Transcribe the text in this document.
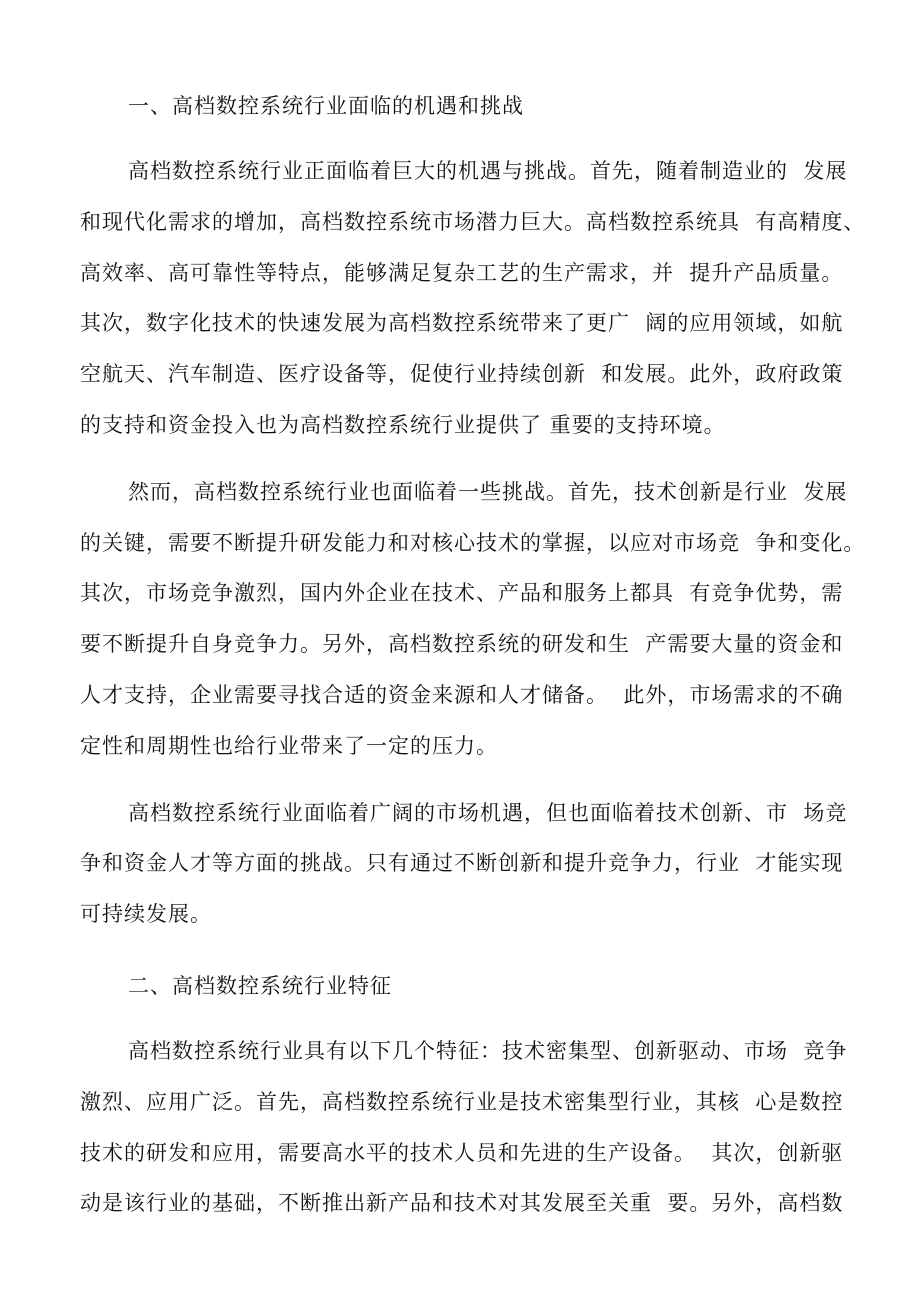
一、高档数控系统行业面临的机遇和挑战

高档数控系统行业正面临着巨大的机遇与挑战。首先，随着制造业的  发展
和现代化需求的增加，高档数控系统市场潜力巨大。高档数控系统具  有高精度、
高效率、高可靠性等特点，能够满足复杂工艺的生产需求，并  提升产品质量。
其次，数字化技术的快速发展为高档数控系统带来了更广  阔的应用领域，如航
空航天、汽车制造、医疗设备等，促使行业持续创新  和发展。此外，政府政策
的支持和资金投入也为高档数控系统行业提供了 重要的支持环境。

然而，高档数控系统行业也面临着一些挑战。首先，技术创新是行业  发展
的关键，需要不断提升研发能力和对核心技术的掌握，以应对市场竞  争和变化。
其次，市场竞争激烈，国内外企业在技术、产品和服务上都具  有竞争优势，需
要不断提升自身竞争力。另外，高档数控系统的研发和生  产需要大量的资金和
人才支持，企业需要寻找合适的资金来源和人才储备。  此外，市场需求的不确
定性和周期性也给行业带来了一定的压力。

高档数控系统行业面临着广阔的市场机遇，但也面临着技术创新、市  场竞
争和资金人才等方面的挑战。只有通过不断创新和提升竞争力，行业  才能实现
可持续发展。

二、高档数控系统行业特征

高档数控系统行业具有以下几个特征：技术密集型、创新驱动、市场  竞争
激烈、应用广泛。首先，高档数控系统行业是技术密集型行业，其核  心是数控
技术的研发和应用，需要高水平的技术人员和先进的生产设备。  其次，创新驱
动是该行业的基础，不断推出新产品和技术对其发展至关重  要。另外，高档数
